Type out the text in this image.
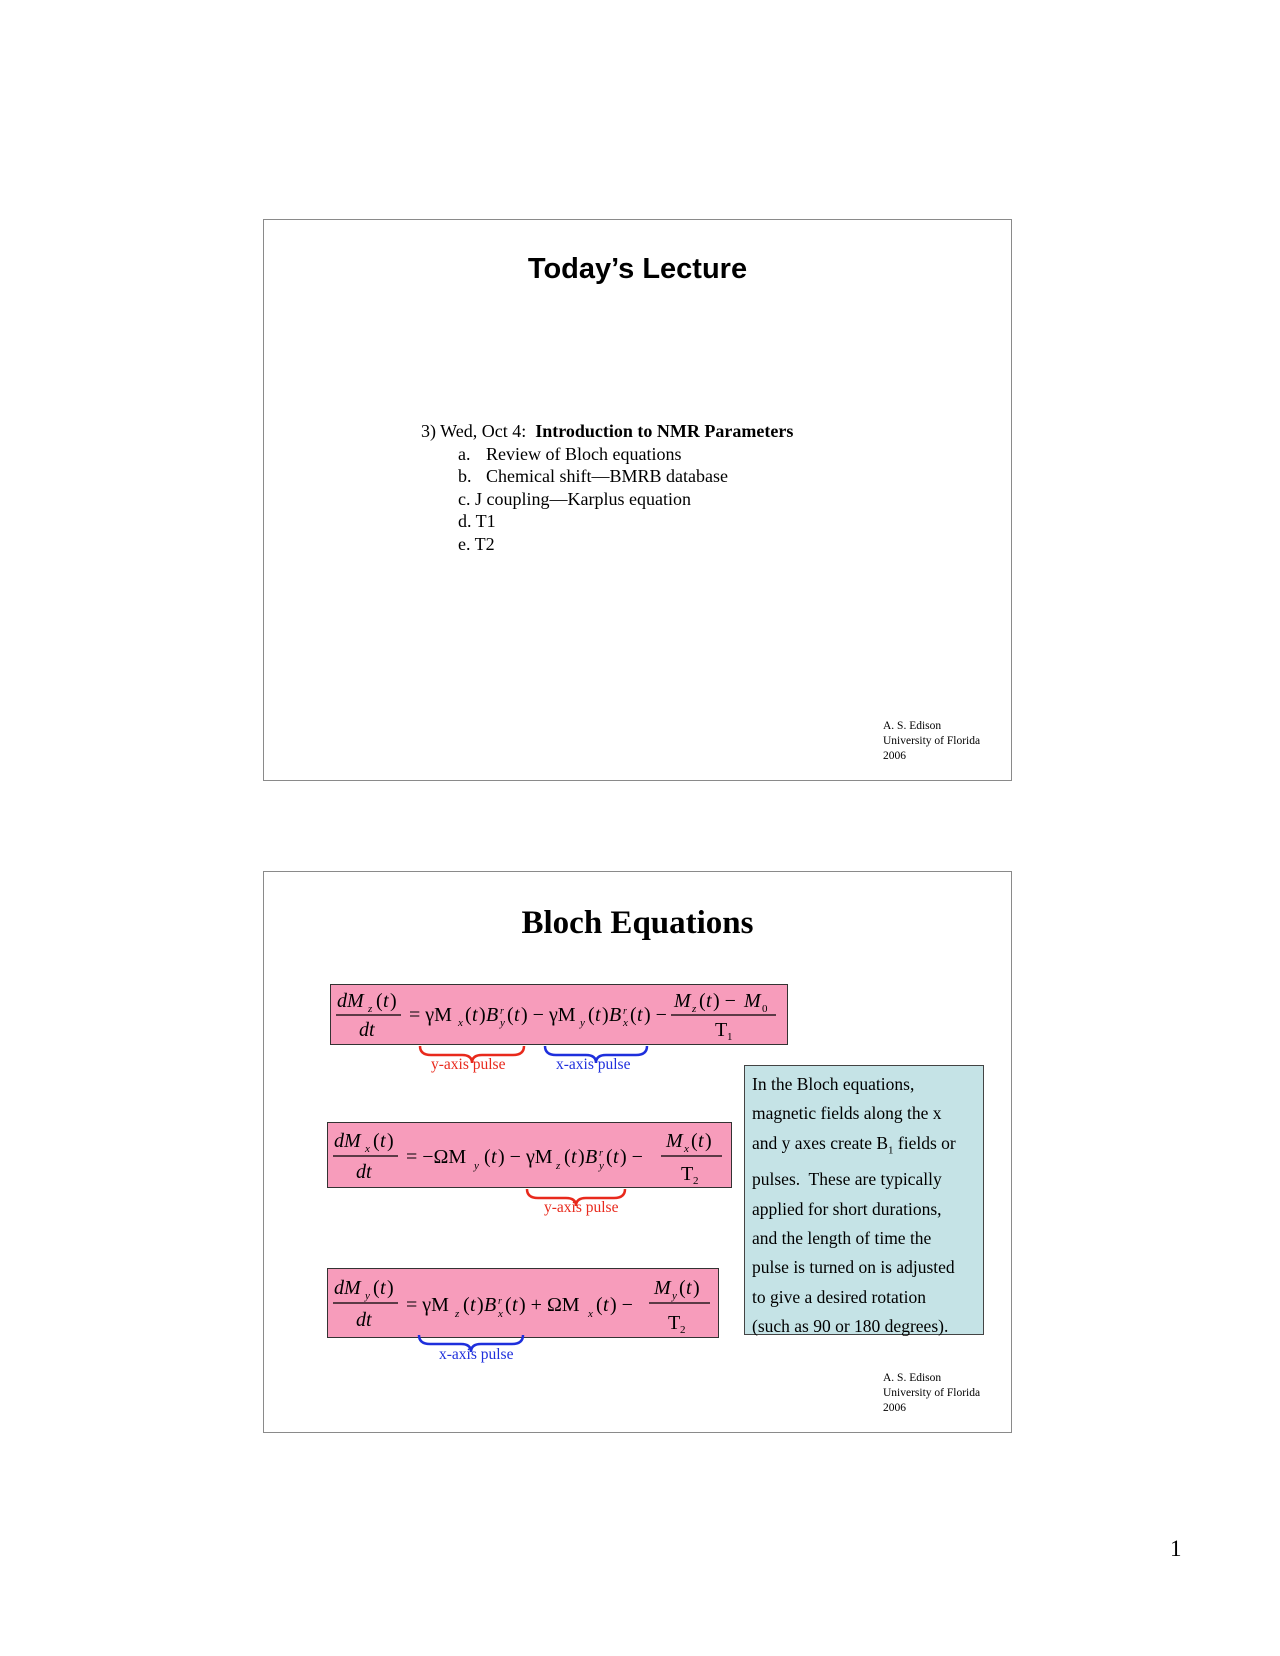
Today’s Lecture
3) Wed, Oct 4:  Introduction to NMR Parameters
a. Review of Bloch equations
b. Chemical shift—BMRB database
c. J coupling—Karplus equation
d. T1
e. T2
A. S. Edison
University of Florida
2006
Bloch Equations
dM z ( t )
dt
= γM x ( t ) B r
y ( t ) − γM y ( t ) B r
x ( t ) −
M z ( t ) − M 0
T 1
y-axis pulse	x-axis pulse
dM x ( t )
dt
= −ΩM y ( t ) − γM z ( t ) B r
y ( t ) −
M x ( t )
T 2
y-axis pulse
dM y ( t )
dt
= γM z ( t ) B r
x ( t ) + ΩM x ( t ) −
M y ( t )
T 2
x-axis pulse
In the Bloch equations,
magnetic fields along the x
and y axes create $B_1$ fields or
pulses.  These are typically
applied for short durations,
and the length of time the
pulse is turned on is adjusted
to give a desired rotation
(such as 90 or 180 degrees).
A. S. Edison
University of Florida
2006
1
